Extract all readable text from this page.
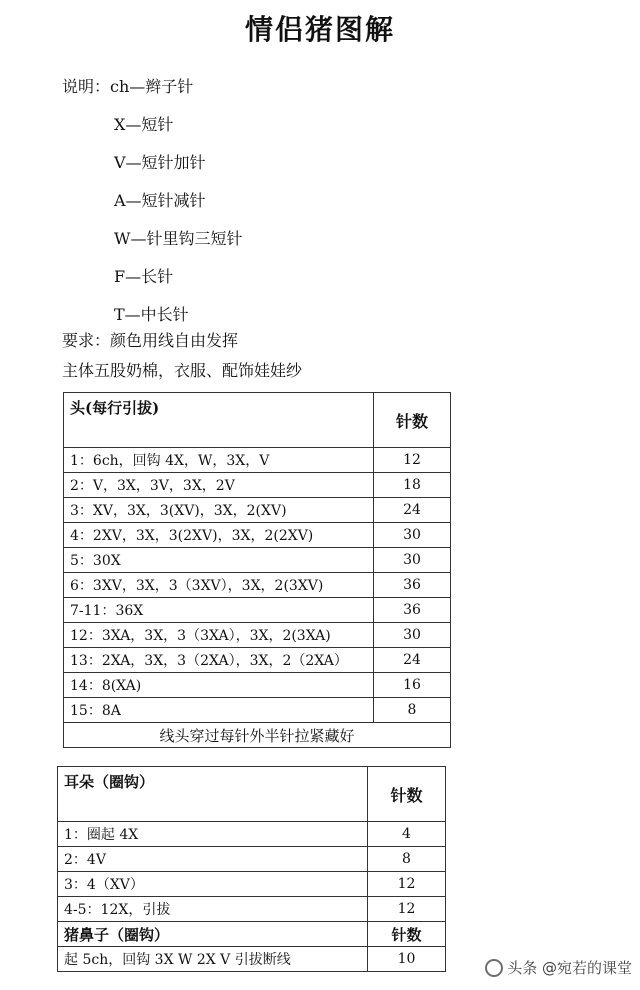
情侣猪图解
说明：ch—辫子针
X—短针
V—短针加针
A—短针减针
W—针里钩三短针
F—长针
T—中长针
要求：颜色用线自由发挥
主体五股奶棉，衣服、配饰娃娃纱
头(每行引拔)	针数
1：6ch，回钩 4X，W，3X，V	12
2：V，3X，3V，3X，2V	18
3：XV，3X，3(XV)，3X，2(XV)	24
4：2XV，3X，3(2XV)，3X，2(2XV)	30
5：30X	30
6：3XV，3X，3（3XV），3X，2(3XV)	36
7-11：36X	36
12：3XA，3X，3（3XA），3X，2(3XA)	30
13：2XA，3X，3（2XA），3X，2（2XA）	24
14：8(XA)	16
15：8A	8
线头穿过每针外半针拉紧藏好	
耳朵（圈钩）	针数
1：圈起 4X	4
2：4V	8
3：4（XV）	12
4-5：12X，引拔	12
猪鼻子（圈钩）	针数
起 5ch，回钩 3X W 2X V 引拔断线	10	头条 @宛若的课堂
